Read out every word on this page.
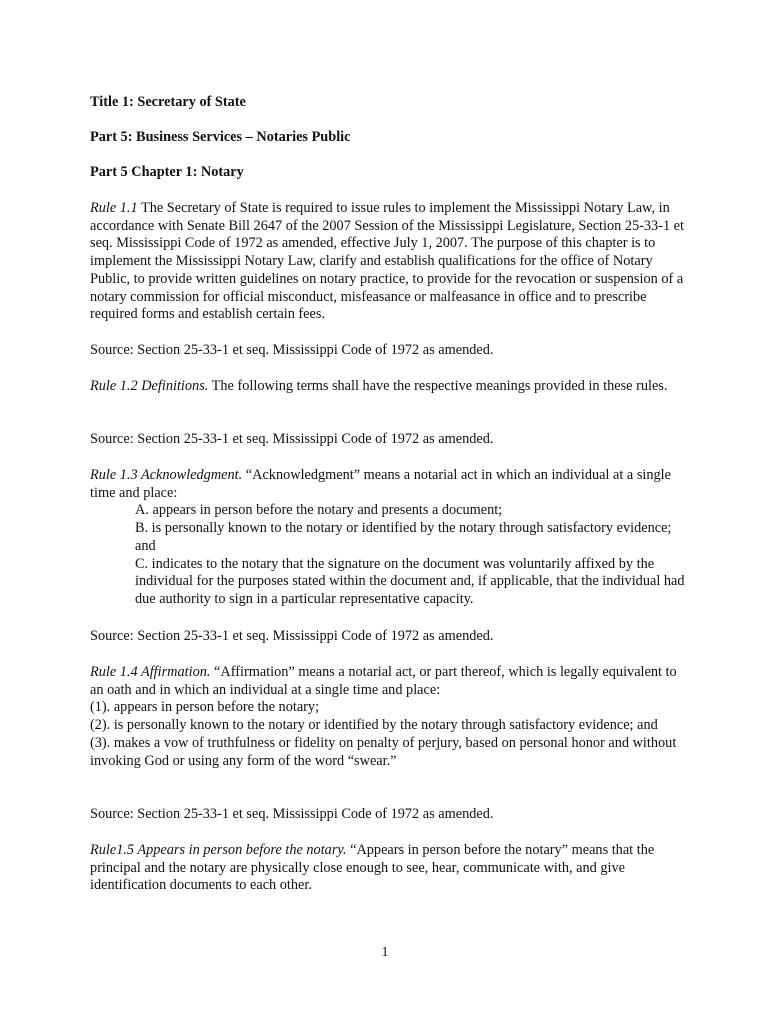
Title 1: Secretary of State
Part 5: Business Services – Notaries Public
Part 5 Chapter 1: Notary
Rule 1.1 The Secretary of State is required to issue rules to implement the Mississippi Notary Law, in accordance with Senate Bill 2647 of the 2007 Session of the Mississippi Legislature, Section 25-33-1 et seq. Mississippi Code of 1972 as amended, effective July 1, 2007. The purpose of this chapter is to implement the Mississippi Notary Law, clarify and establish qualifications for the office of Notary Public, to provide written guidelines on notary practice, to provide for the revocation or suspension of a notary commission for official misconduct, misfeasance or malfeasance in office and to prescribe required forms and establish certain fees.
Source: Section 25-33-1 et seq. Mississippi Code of 1972 as amended.
Rule 1.2 Definitions. The following terms shall have the respective meanings provided in these rules.
Source: Section 25-33-1 et seq. Mississippi Code of 1972 as amended.
Rule 1.3 Acknowledgment. “Acknowledgment” means a notarial act in which an individual at a single time and place:
A. appears in person before the notary and presents a document;
B. is personally known to the notary or identified by the notary through satisfactory evidence; and
C. indicates to the notary that the signature on the document was voluntarily affixed by the individual for the purposes stated within the document and, if applicable, that the individual had due authority to sign in a particular representative capacity.
Source: Section 25-33-1 et seq. Mississippi Code of 1972 as amended.
Rule 1.4 Affirmation. “Affirmation” means a notarial act, or part thereof, which is legally equivalent to an oath and in which an individual at a single time and place:
(1). appears in person before the notary;
(2). is personally known to the notary or identified by the notary through satisfactory evidence; and
(3). makes a vow of truthfulness or fidelity on penalty of perjury, based on personal honor and without invoking God or using any form of the word “swear.”
Source: Section 25-33-1 et seq. Mississippi Code of 1972 as amended.
Rule1.5 Appears in person before the notary. “Appears in person before the notary” means that the principal and the notary are physically close enough to see, hear, communicate with, and give identification documents to each other.
1
